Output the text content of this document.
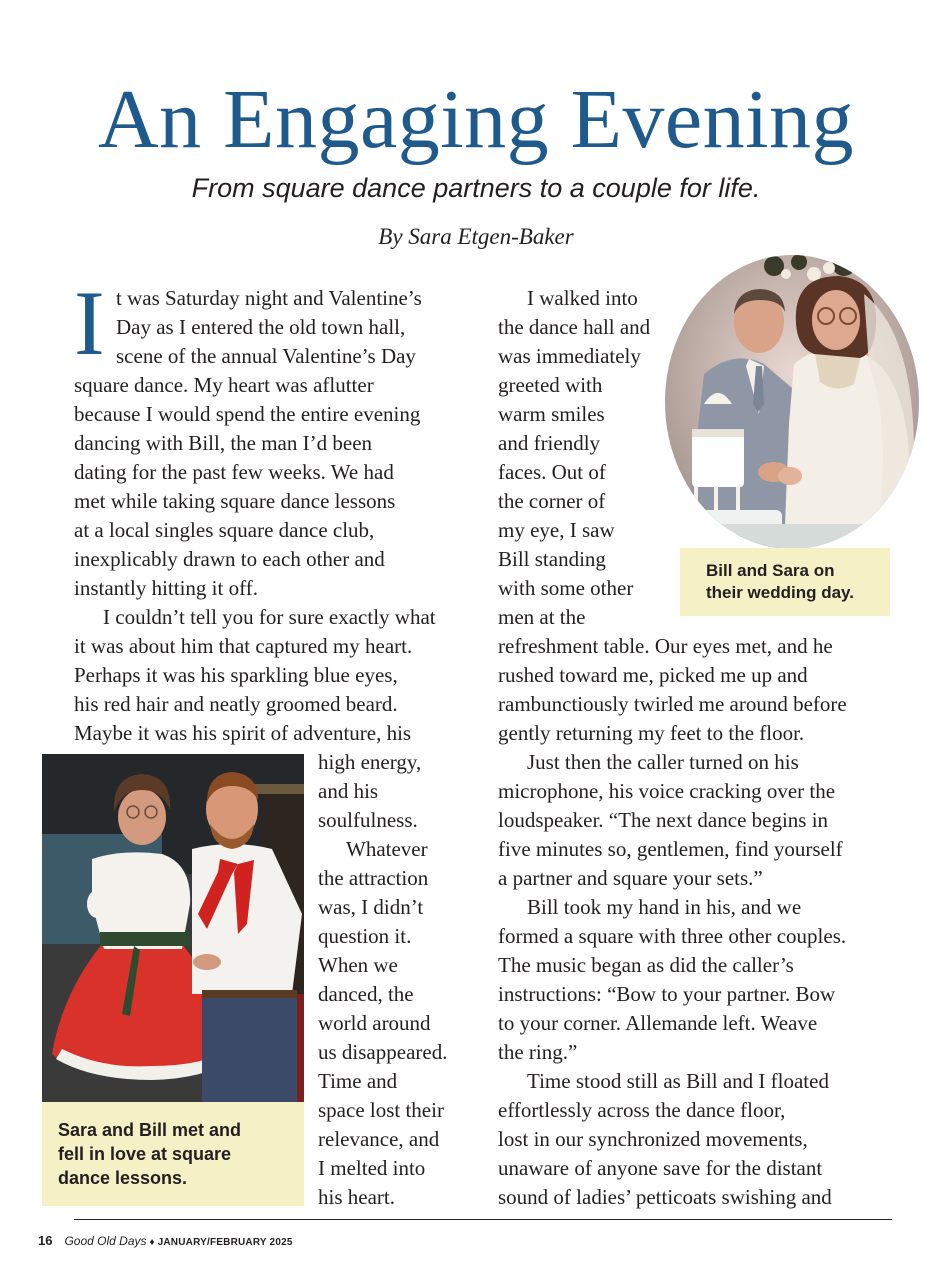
An Engaging Evening
From square dance partners to a couple for life.
By Sara Etgen-Baker
I t was Saturday night and Valentine’s
Day as I entered the old town hall,
scene of the annual Valentine’s Day
square dance. My heart was aflutter
because I would spend the entire evening
dancing with Bill, the man I’d been
dating for the past few weeks. We had
met while taking square dance lessons
at a local singles square dance club,
inexplicably drawn to each other and
instantly hitting it off.
I couldn’t tell you for sure exactly what
it was about him that captured my heart.
Perhaps it was his sparkling blue eyes,
his red hair and neatly groomed beard.
Maybe it was his spirit of adventure, his
high energy,
and his
soulfulness.
Whatever
the attraction
was, I didn’t
question it.
When we
danced, the
world around
us disappeared.
Time and
space lost their
relevance, and
I melted into
his heart.
I walked into
the dance hall and
was immediately
greeted with
warm smiles
and friendly
faces. Out of
the corner of
my eye, I saw
Bill standing
with some other
men at the
refreshment table. Our eyes met, and he
rushed toward me, picked me up and
rambunctiously twirled me around before
gently returning my feet to the floor.
Just then the caller turned on his
microphone, his voice cracking over the
loudspeaker. “The next dance begins in
five minutes so, gentlemen, find yourself
a partner and square your sets.”
Bill took my hand in his, and we
formed a square with three other couples.
The music began as did the caller’s
instructions: “Bow to your partner. Bow
to your corner. Allemande left. Weave
the ring.”
Time stood still as Bill and I floated
effortlessly across the dance floor,
lost in our synchronized movements,
unaware of anyone save for the distant
sound of ladies’ petticoats swishing and
Bill and Sara on
their wedding day.
Sara and Bill met and
fell in love at square
dance lessons.
16 Good Old Days ♦ JANUARY/FEBRUARY 2025
